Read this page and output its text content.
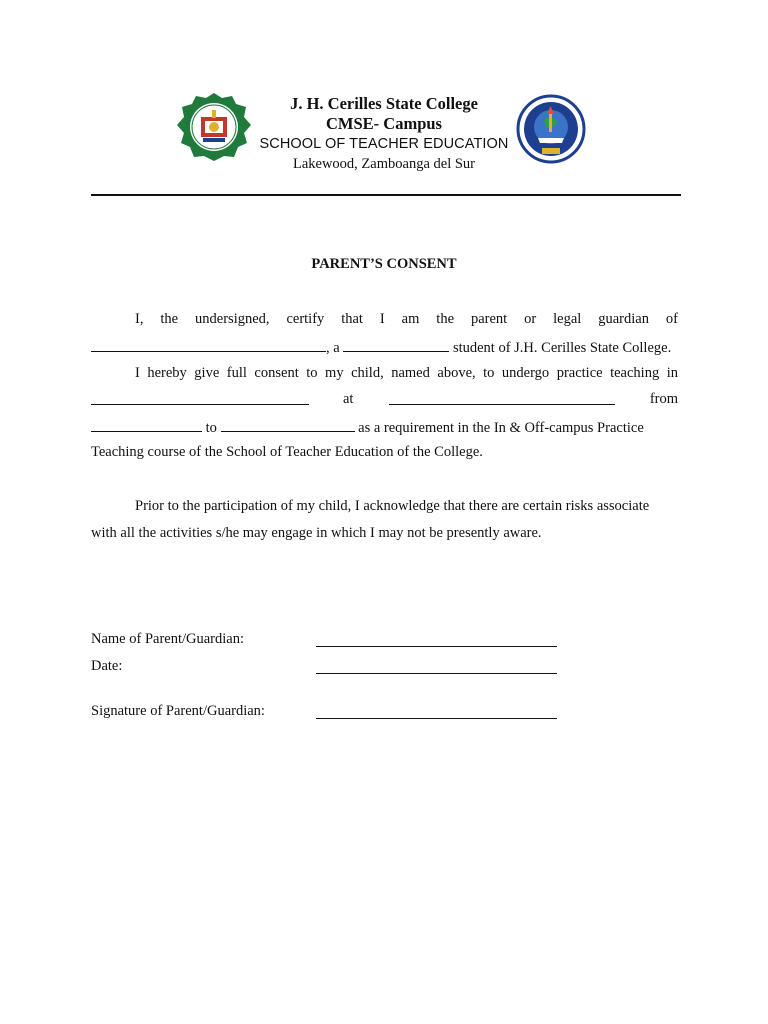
J. H. Cerilles State College
CMSE- Campus
SCHOOL OF TEACHER EDUCATION
Lakewood, Zamboanga del Sur
PARENT’S CONSENT
I, the undersigned, certify that I am the parent or legal guardian of
, a	student of J.H. Cerilles State College.
I hereby give full consent to my child, named above, to undergo practice teaching in
at	from
to	as a requirement in the In & Off-campus Practice
Teaching course of the School of Teacher Education of the College.
Prior to the participation of my child, I acknowledge that there are certain risks associate
with all the activities s/he may engage in which I may not be presently aware.
Name of Parent/Guardian:
Date:
Signature of Parent/Guardian:
